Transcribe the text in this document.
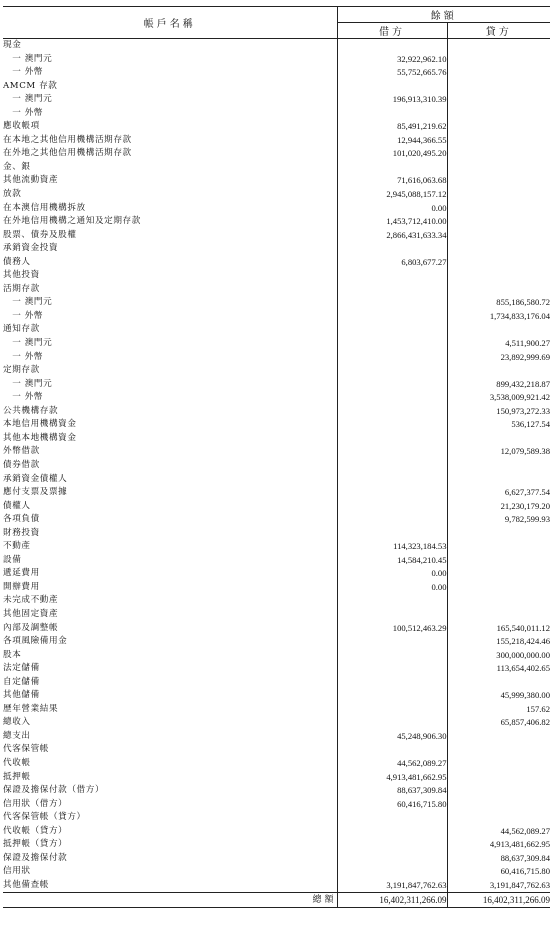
帳戶名稱	餘額	
	借方	貸方
現金		
　一 澳門元	32,922,962.10	
　一 外幣	55,752,665.76	
AMCM 存款		
　一 澳門元	196,913,310.39	
　一 外幣		
應收帳項	85,491,219.62	
在本地之其他信用機構活期存款	12,944,366.55	
在外地之其他信用機構活期存款	101,020,495.20	
金、銀		
其他流動資產	71,616,063.68	
放款	2,945,088,157.12	
在本澳信用機構拆放	0.00	
在外地信用機構之通知及定期存款	1,453,712,410.00	
股票、債券及股權	2,866,431,633.34	
承銷資金投資		
債務人	6,803,677.27	
其他投資		
活期存款		
　一 澳門元		855,186,580.72
　一 外幣		1,734,833,176.04
通知存款		
　一 澳門元		4,511,900.27
　一 外幣		23,892,999.69
定期存款		
　一 澳門元		899,432,218.87
　一 外幣		3,538,009,921.42
公共機構存款		150,973,272.33
本地信用機構資金		536,127.54
其他本地機構資金		
外幣借款		12,079,589.38
債券借款		
承銷資金債權人		
應付支票及票據		6,627,377.54
債權人		21,230,179.20
各項負債		9,782,599.93
財務投資		
不動產	114,323,184.53	
設備	14,584,210.45	
遞延費用	0.00	
開辦費用	0.00	
未完成不動產		
其他固定資產		
內部及調整帳	100,512,463.29	165,540,011.12
各項風險備用金		155,218,424.46
股本		300,000,000.00
法定儲備		113,654,402.65
自定儲備		
其他儲備		45,999,380.00
歷年營業結果		157.62
總收入		65,857,406.82
總支出	45,248,906.30	
代客保管帳		
代收帳	44,562,089.27	
抵押帳	4,913,481,662.95	
保證及擔保付款（借方）	88,637,309.84	
信用狀（借方）	60,416,715.80	
代客保管帳（貸方）		
代收帳（貸方）		44,562,089.27
抵押帳（貸方）		4,913,481,662.95
保證及擔保付款		88,637,309.84
信用狀		60,416,715.80
其他備查帳	3,191,847,762.63	3,191,847,762.63
總額	16,402,311,266.09	16,402,311,266.09
